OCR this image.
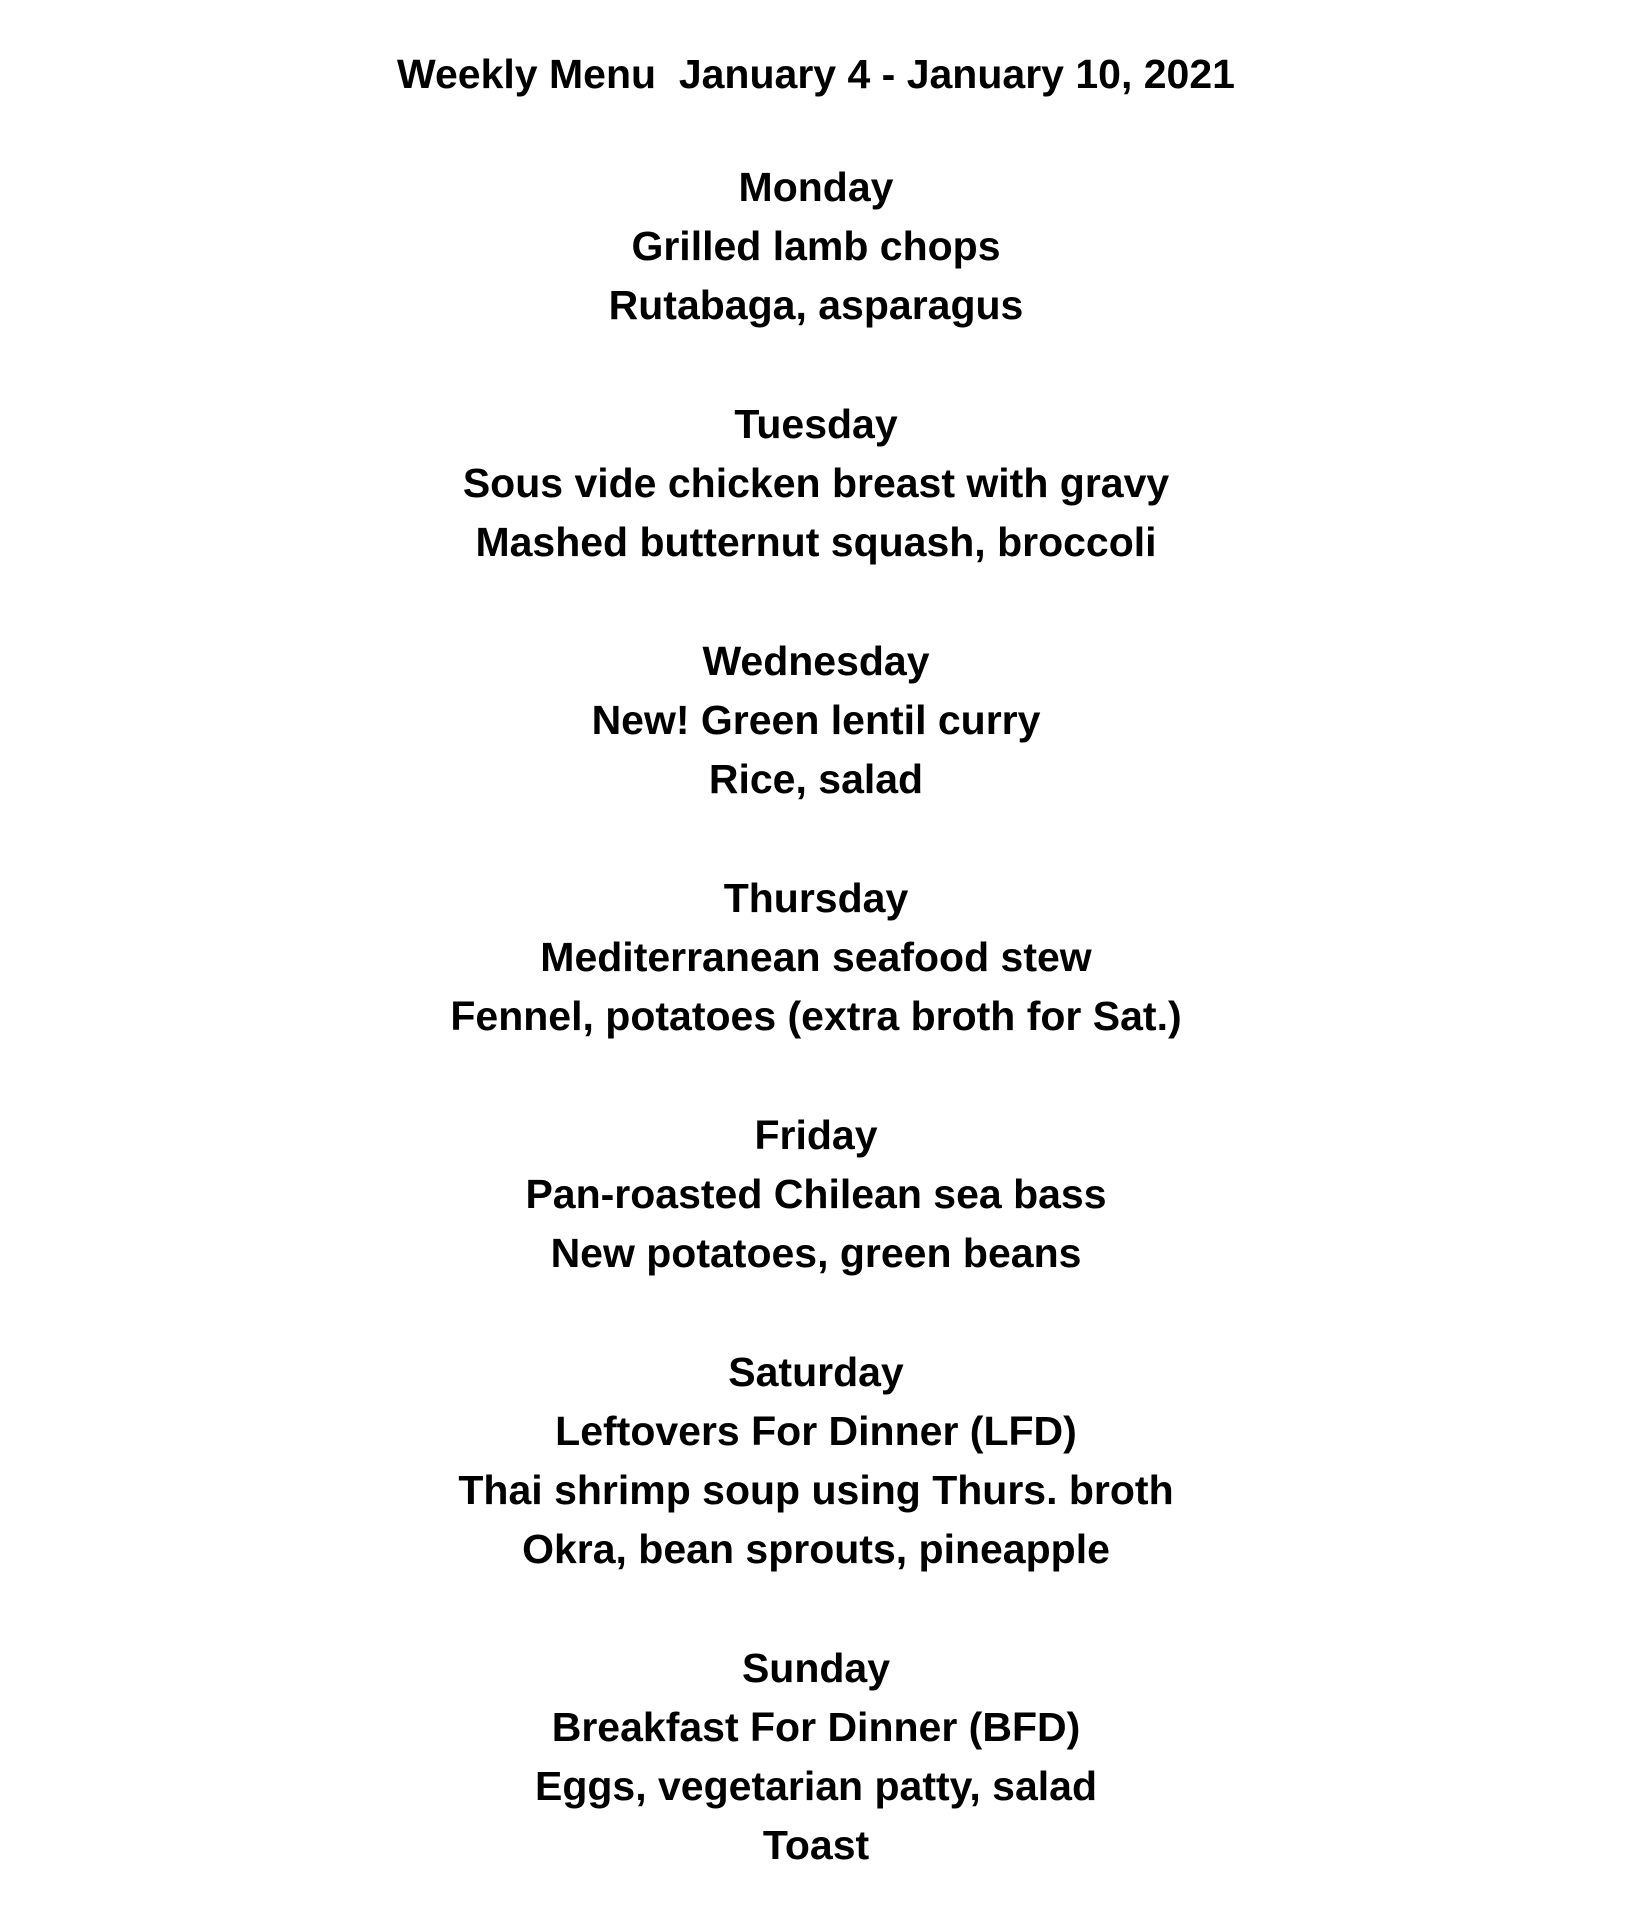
Weekly Menu  January 4 - January 10, 2021
Monday
Grilled lamb chops
Rutabaga, asparagus
Tuesday
Sous vide chicken breast with gravy
Mashed butternut squash, broccoli
Wednesday
New! Green lentil curry
Rice, salad
Thursday
Mediterranean seafood stew
Fennel, potatoes (extra broth for Sat.)
Friday
Pan-roasted Chilean sea bass
New potatoes, green beans
Saturday
Leftovers For Dinner (LFD)
Thai shrimp soup using Thurs. broth
Okra, bean sprouts, pineapple
Sunday
Breakfast For Dinner (BFD)
Eggs, vegetarian patty, salad
Toast
